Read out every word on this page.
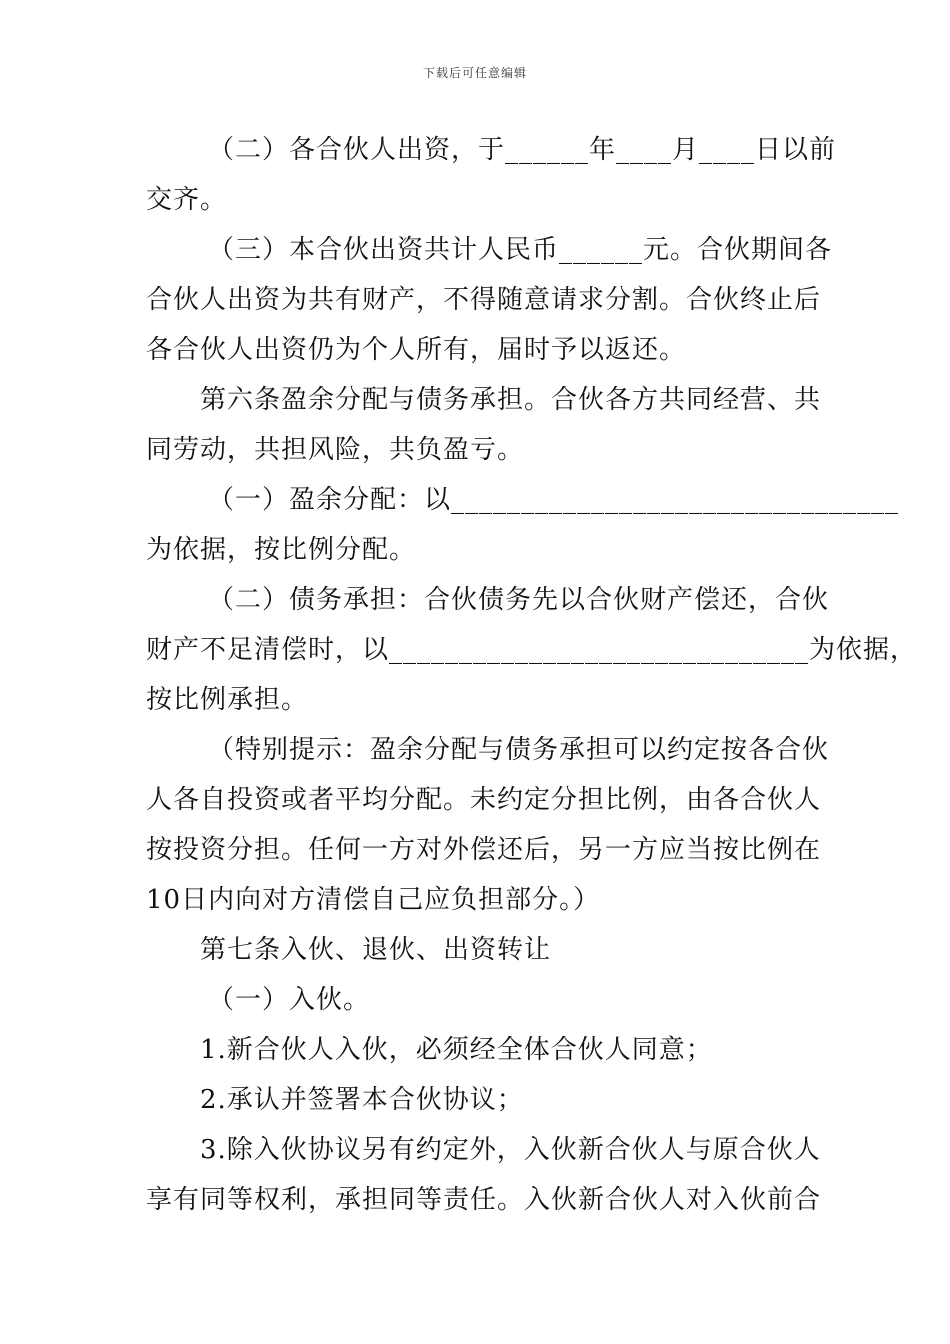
下载后可任意编辑
（二）各合伙人出资，于______年____月____日以前
交齐。
（三）本合伙出资共计人民币______元。合伙期间各
合伙人出资为共有财产，不得随意请求分割。合伙终止后
各合伙人出资仍为个人所有，届时予以返还。
第六条盈余分配与债务承担。合伙各方共同经营、共
同劳动，共担风险，共负盈亏。
（一）盈余分配：以________________________________
为依据，按比例分配。
（二）债务承担：合伙债务先以合伙财产偿还，合伙
财产不足清偿时，以______________________________为依据，
按比例承担。
（特别提示：盈余分配与债务承担可以约定按各合伙
人各自投资或者平均分配。未约定分担比例，由各合伙人
按投资分担。任何一方对外偿还后，另一方应当按比例在
10日内向对方清偿自己应负担部分。）
第七条入伙、退伙、出资转让
（一）入伙。
1.新合伙人入伙，必须经全体合伙人同意；
2.承认并签署本合伙协议；
3.除入伙协议另有约定外，入伙新合伙人与原合伙人
享有同等权利，承担同等责任。入伙新合伙人对入伙前合
